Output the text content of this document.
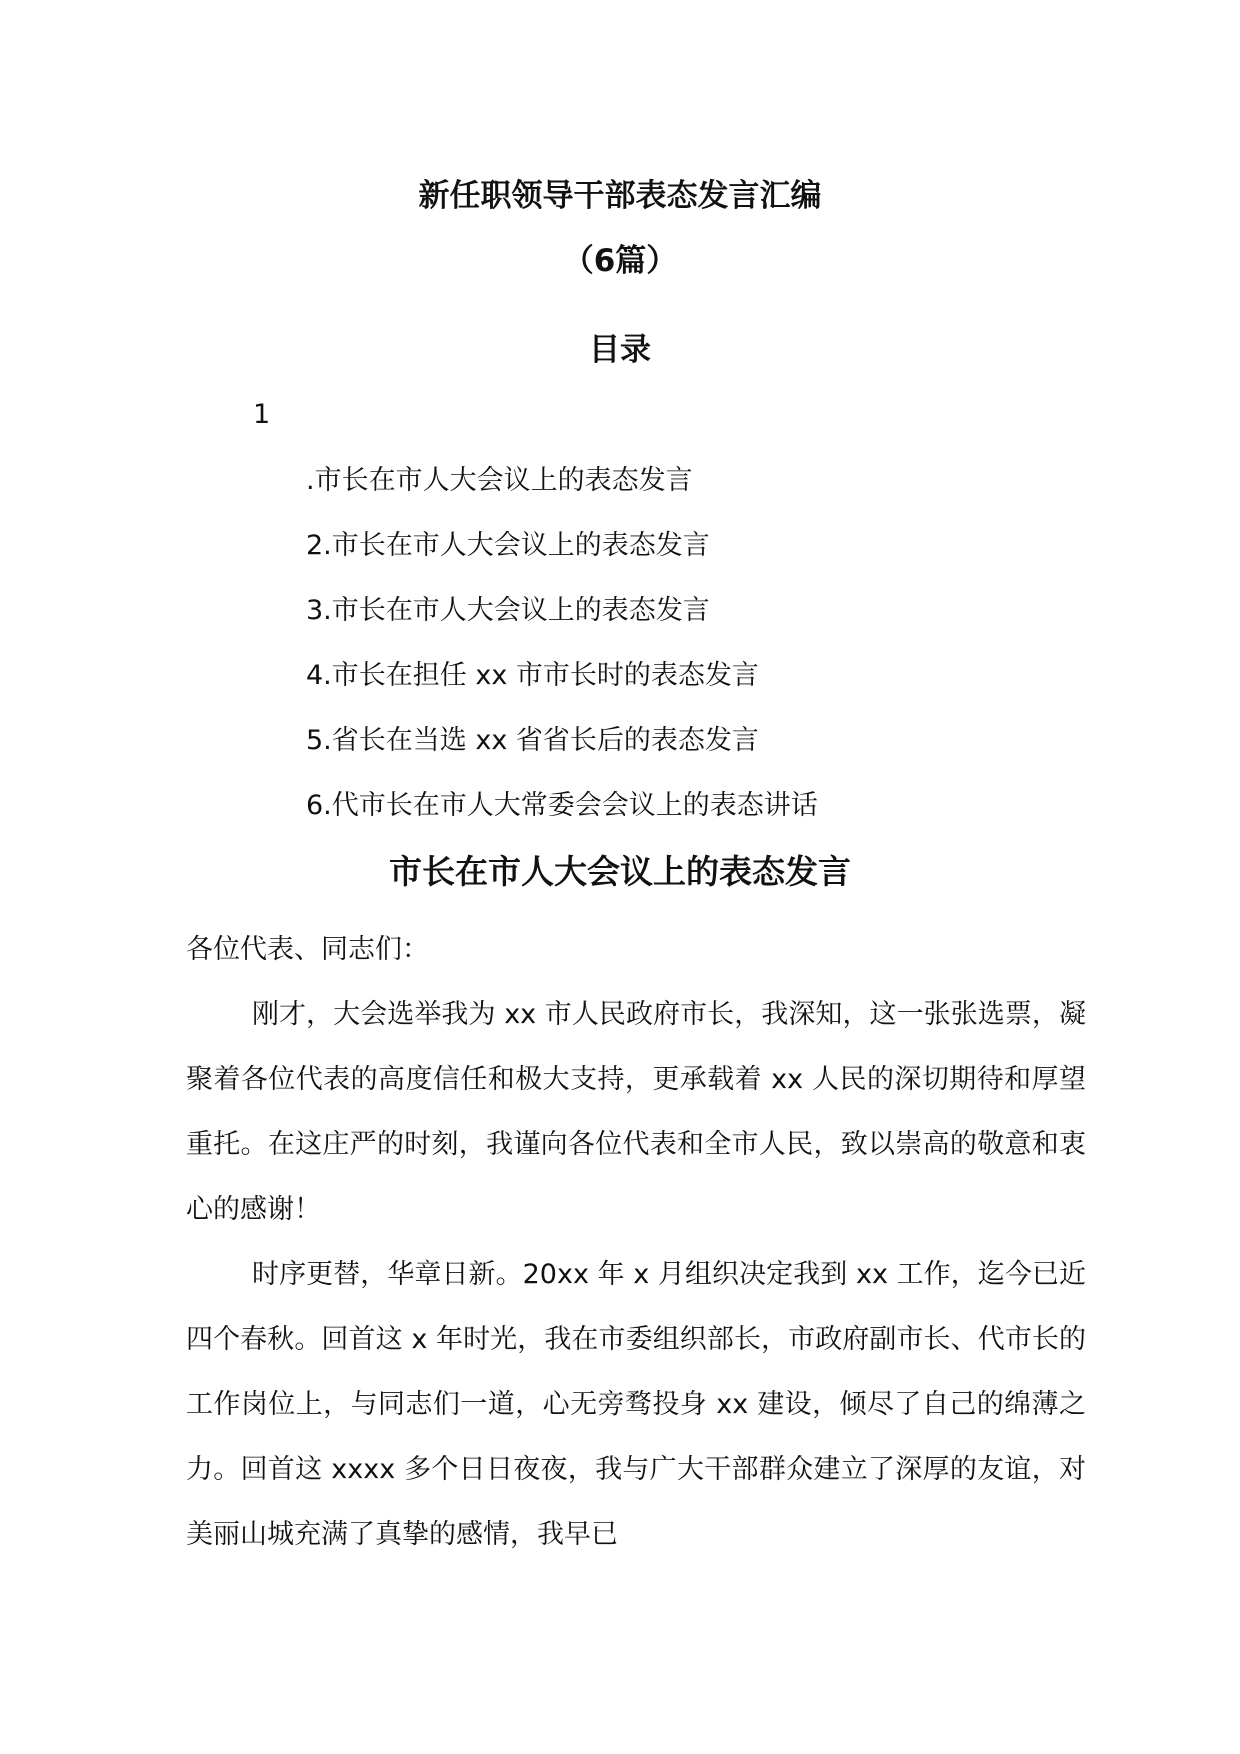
新任职领导干部表态发言汇编
（6篇）
目录
1
.市长在市人大会议上的表态发言
2.市长在市人大会议上的表态发言
3.市长在市人大会议上的表态发言
4.市长在担任 xx 市市长时的表态发言
5.省长在当选 xx 省省长后的表态发言
6.代市长在市人大常委会会议上的表态讲话
市长在市人大会议上的表态发言

各位代表、同志们：

刚才，大会选举我为 xx 市人民政府市长，我深知，这一张张选票，凝聚着各位代表的高度信任和极大支持，更承载着 xx 人民的深切期待和厚望重托。在这庄严的时刻，我谨向各位代表和全市人民，致以崇高的敬意和衷心的感谢！

时序更替，华章日新。20xx 年 x 月组织决定我到 xx 工作，迄今已近四个春秋。回首这 x 年时光，我在市委组织部长，市政府副市长、代市长的工作岗位上，与同志们一道，心无旁骛投身 xx 建设，倾尽了自己的绵薄之力。回首这 xxxx 多个日日夜夜，我与广大干部群众建立了深厚的友谊，对美丽山城充满了真挚的感情，我早已
